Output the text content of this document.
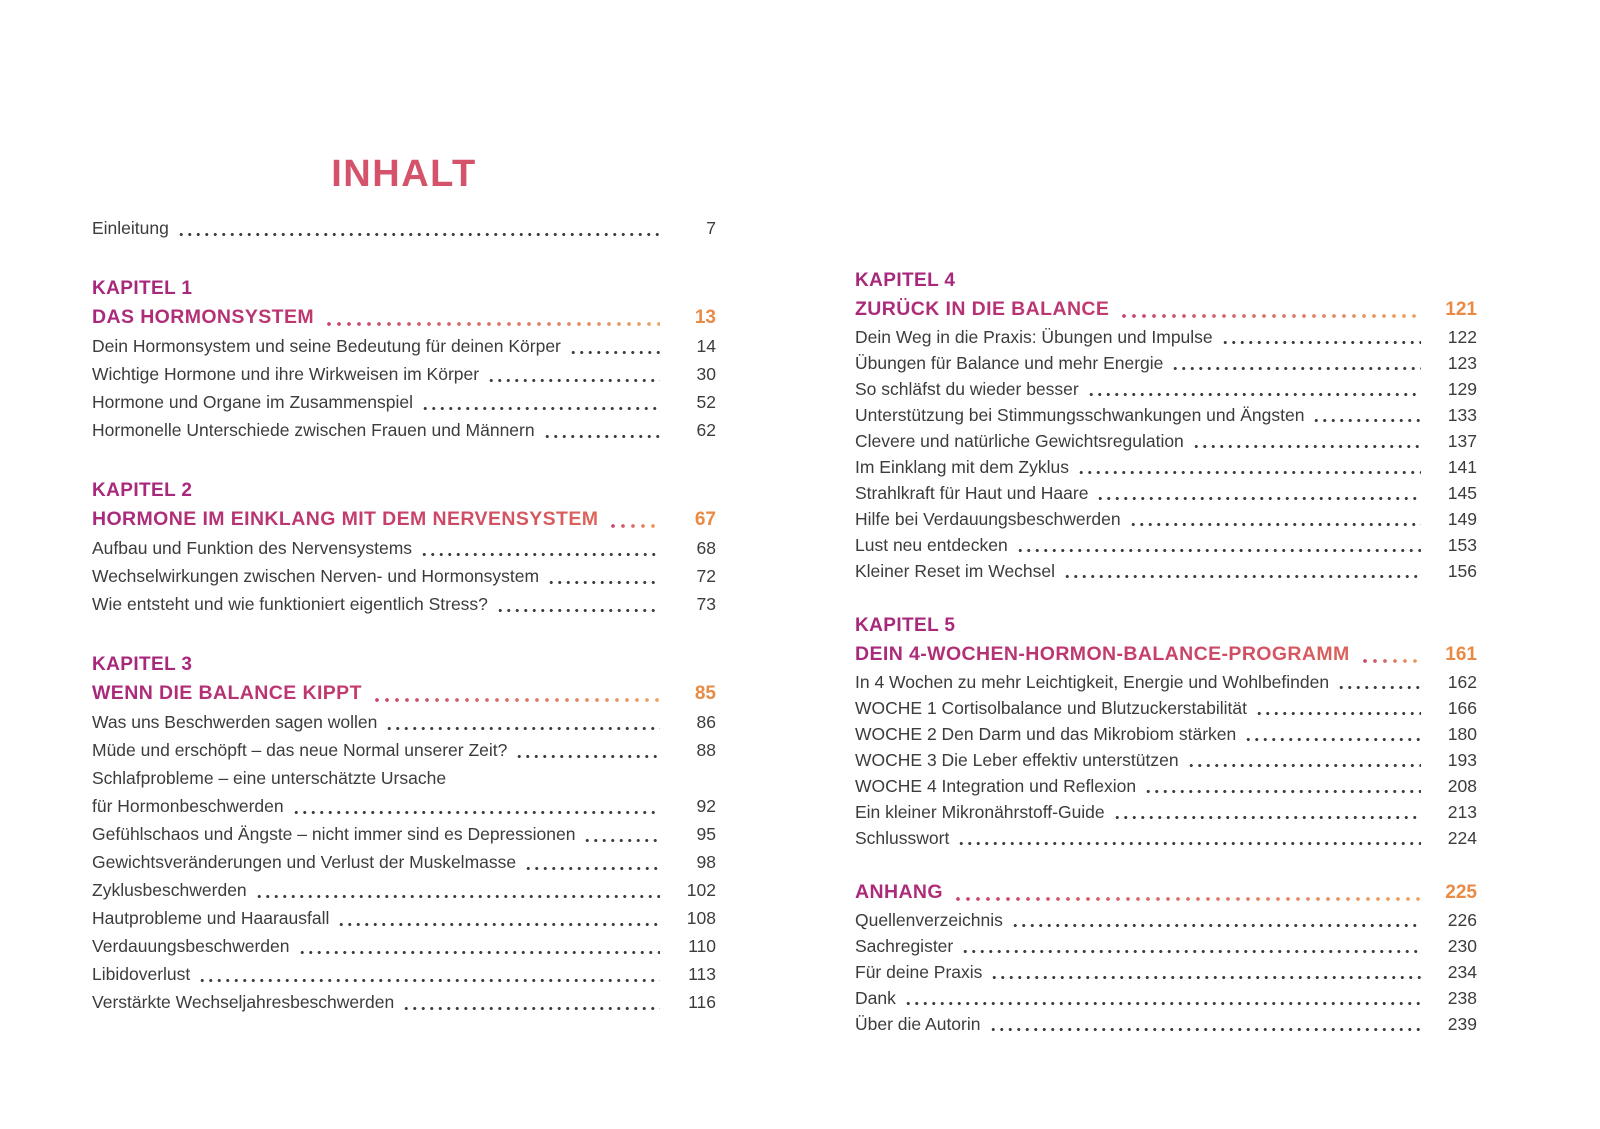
INHALT
Einleitung	7
KAPITEL 1
DAS HORMONSYSTEM	13
Dein Hormonsystem und seine Bedeutung für deinen Körper	14
Wichtige Hormone und ihre Wirkweisen im Körper	30
Hormone und Organe im Zusammenspiel	52
Hormonelle Unterschiede zwischen Frauen und Männern	62
KAPITEL 2
HORMONE IM EINKLANG MIT DEM NERVENSYSTEM	67
Aufbau und Funktion des Nervensystems	68
Wechselwirkungen zwischen Nerven- und Hormonsystem	72
Wie entsteht und wie funktioniert eigentlich Stress?	73
KAPITEL 3
WENN DIE BALANCE KIPPT	85
Was uns Beschwerden sagen wollen	86
Müde und erschöpft – das neue Normal unserer Zeit?	88
Schlafprobleme – eine unterschätzte Ursache
für Hormonbeschwerden	92
Gefühlschaos und Ängste – nicht immer sind es Depressionen	95
Gewichtsveränderungen und Verlust der Muskelmasse	98
Zyklusbeschwerden	102
Hautprobleme und Haarausfall	108
Verdauungsbeschwerden	110
Libidoverlust	113
Verstärkte Wechseljahresbeschwerden	116
KAPITEL 4
ZURÜCK IN DIE BALANCE	121
Dein Weg in die Praxis: Übungen und Impulse	122
Übungen für Balance und mehr Energie	123
So schläfst du wieder besser	129
Unterstützung bei Stimmungsschwankungen und Ängsten	133
Clevere und natürliche Gewichtsregulation	137
Im Einklang mit dem Zyklus	141
Strahlkraft für Haut und Haare	145
Hilfe bei Verdauungsbeschwerden	149
Lust neu entdecken	153
Kleiner Reset im Wechsel	156
KAPITEL 5
DEIN 4-WOCHEN-HORMON-BALANCE-PROGRAMM	161
In 4 Wochen zu mehr Leichtigkeit, Energie und Wohlbefinden	162
WOCHE 1 Cortisolbalance und Blutzuckerstabilität	166
WOCHE 2 Den Darm und das Mikrobiom stärken	180
WOCHE 3 Die Leber effektiv unterstützen	193
WOCHE 4 Integration und Reflexion	208
Ein kleiner Mikronährstoff-Guide	213
Schlusswort	224
ANHANG	225
Quellenverzeichnis	226
Sachregister	230
Für deine Praxis	234
Dank	238
Über die Autorin	239
